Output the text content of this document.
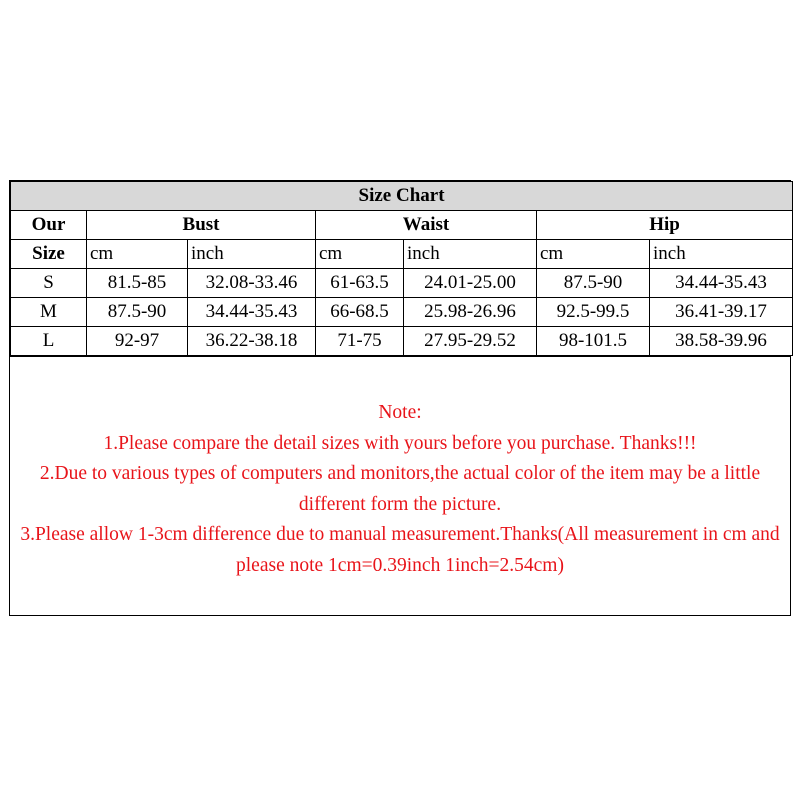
Size Chart						
Our	Bust		Waist		Hip	
Size	cm	inch	cm	inch	cm	inch
S	81.5-85	32.08-33.46	61-63.5	24.01-25.00	87.5-90	34.44-35.43
M	87.5-90	34.44-35.43	66-68.5	25.98-26.96	92.5-99.5	36.41-39.17
L	92-97	36.22-38.18	71-75	27.95-29.52	98-101.5	38.58-39.96

Note:

1.Please compare the detail sizes with yours before you purchase. Thanks!!!

2.Due to various types of computers and monitors,the actual color of the item may be a little different form the picture.

3.Please allow 1-3cm difference due to manual measurement.Thanks(All measurement in cm and please note 1cm=0.39inch 1inch=2.54cm)
